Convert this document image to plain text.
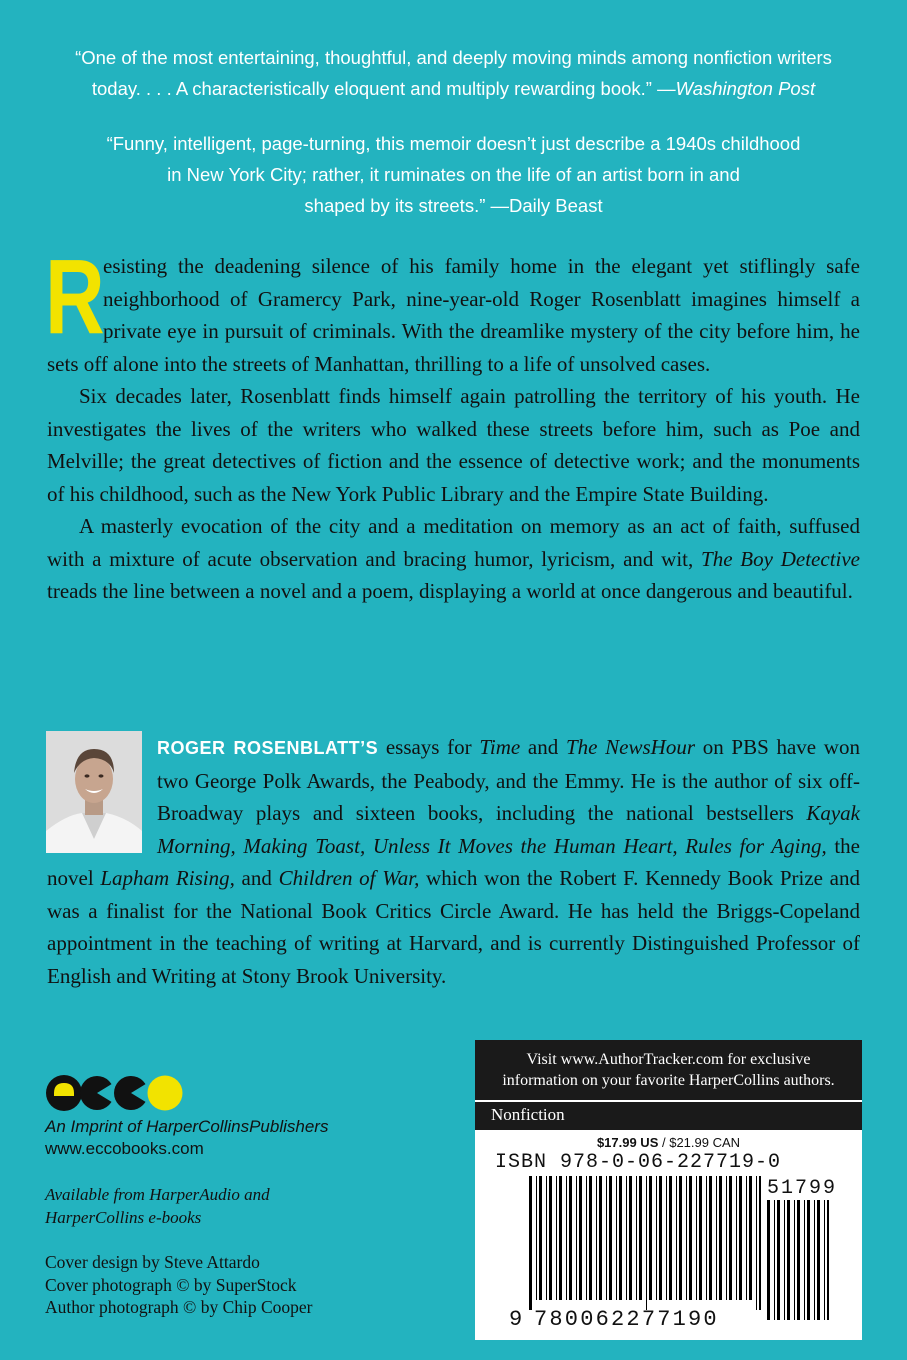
“One of the most entertaining, thoughtful, and deeply moving minds among nonfiction writers
today. . . . A characteristically eloquent and multiply rewarding book.” —Washington Post
“Funny, intelligent, page-turning, this memoir doesn’t just describe a 1940s childhood
in New York City; rather, it ruminates on the life of an artist born in and
shaped by its streets.” —Daily Beast

R
esisting the deadening silence of his family home in the elegant yet stiflingly safe neighborhood of Gramercy Park, nine-year-old Roger Rosenblatt imagines himself a private eye in pursuit of criminals. With the dreamlike mystery of the city before him, he sets off alone into the streets of Manhattan, thrilling to a life of unsolved cases.

Six decades later, Rosenblatt finds himself again patrolling the territory of his youth. He investigates the lives of the writers who walked these streets before him, such as Poe and Melville; the great detectives of fiction and the essence of detective work; and the monuments of his childhood, such as the New York Public Library and the Empire State Building.

A masterly evocation of the city and a meditation on memory as an act of faith, suffused with a mixture of acute observation and bracing humor, lyricism, and wit, The Boy Detective treads the line between a novel and a poem, displaying a world at once dangerous and beautiful.

ROGER ROSENBLATT’S essays for Time and The NewsHour on PBS have won two George Polk Awards, the Peabody, and the Emmy. He is the author of six off-Broadway plays and sixteen books, including the national bestsellers Kayak Morning, Making Toast, Unless It Moves the Human Heart, Rules for Aging, the novel Lapham Rising, and Children of War, which won the Robert F. Kennedy Book Prize and was a finalist for the National Book Critics Circle Award. He has held the Briggs-Copeland appointment in the teaching of writing at Harvard, and is currently Distinguished Professor of English and Writing at Stony Brook University.
An Imprint of HarperCollinsPublishers
www.eccobooks.com
Available from HarperAudio and
HarperCollins e-books
Cover design by Steve Attardo
Cover photograph © by SuperStock
Author photograph © by Chip Cooper
Visit www.AuthorTracker.com for exclusive
information on your favorite HarperCollins authors.
Nonfiction
$17.99 US / $21.99 CAN
ISBN 978-0-06-227719-0
51799
9 780062277190
